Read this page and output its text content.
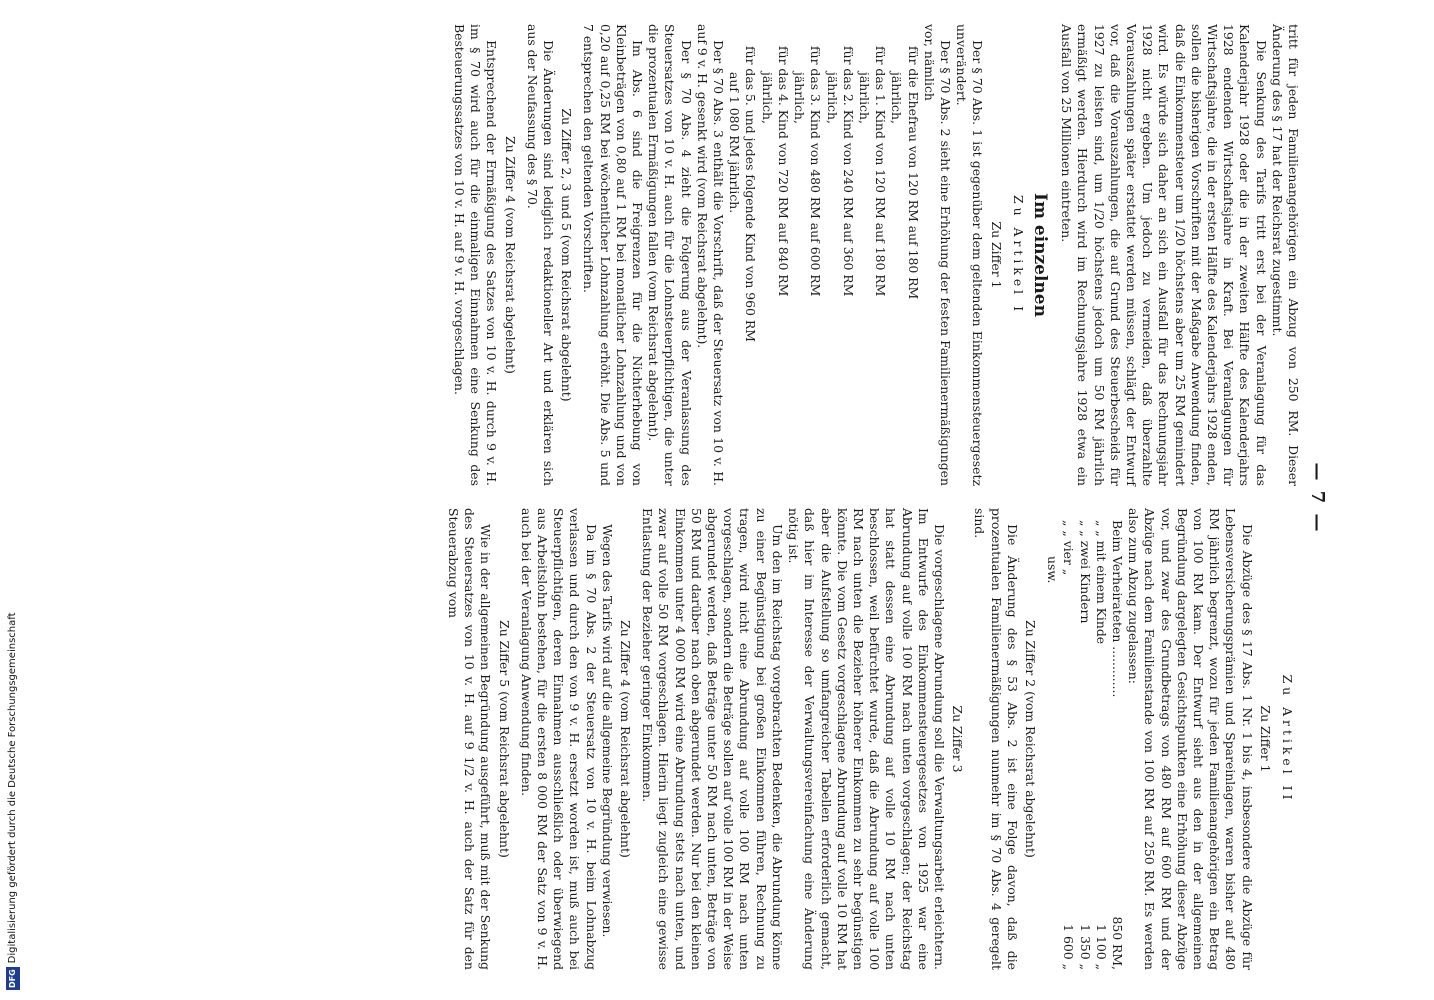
— 7 —

tritt für jeden Familienangehörigen ein Abzug von 250 RM. Dieser Änderung des § 17 hat der Reichsrat zugestimmt.

Die Senkung des Tarifs tritt erst bei der Veranlagung für das Kalenderjahr 1928 oder die in der zweiten Hälfte des Kalenderjahrs 1928 endenden Wirtschaftsjahre in Kraft. Bei Veranlagungen für Wirtschaftsjahre, die in der ersten Hälfte des Kalenderjahrs 1928 enden, sollen die bisherigen Vorschriften mit der Maßgabe Anwendung finden, daß die Einkommensteuer um 1/20 höchstens aber um 25 RM gemindert wird. Es würde sich daher an sich ein Ausfall für das Rechnungsjahr 1928 nicht ergeben. Um jedoch zu vermeiden, daß überzahlte Vorauszahlungen später erstattet werden müssen, schlägt der Entwurf vor, daß die Vorauszahlungen, die auf Grund des Steuerbescheids für 1927 zu leisten sind, um 1/20 höchstens jedoch um 50 RM jährlich ermäßigt werden. Hierdurch wird im Rechnungsjahre 1928 etwa ein Ausfall von 25 Millionen eintreten.

Im einzelnen
Zu Artikel I
Zu Ziffer 1

Der § 70 Abs. 1 ist gegenüber dem geltenden Einkommensteuergesetz unverändert.

Der § 70 Abs. 2 sieht eine Erhöhung der festen Familienermäßigungen vor, nämlich

für die Ehefrau von 120 RM auf 180 RM

jährlich,

für das 1. Kind von 120 RM auf 180 RM

jährlich,

für das 2. Kind von 240 RM auf 360 RM

jährlich,

für das 3. Kind von 480 RM auf 600 RM

jährlich,

für das 4. Kind von 720 RM auf 840 RM

jährlich,

für das 5. und jedes folgende Kind von 960 RM

auf 1 080 RM jährlich.

Der § 70 Abs. 3 enthält die Vorschrift, daß der Steuersatz von 10 v. H. auf 9 v. H. gesenkt wird (vom Reichsrat abgelehnt).

Der § 70 Abs. 4 zieht die Folgerung aus der Veranlassung des Steuersatzes von 10 v. H. auch für die Lohnsteuerpflichtigen, die unter die prozentualen Ermäßigungen fallen (vom Reichsrat abgelehnt).

Im Abs. 6 sind die Freigrenzen für die Nichterhebung von Kleinbeträgen von 0,80 auf 1 RM bei monatlicher Lohnzahlung und von 0,20 auf 0,25 RM bei wöchentlicher Lohnzahlung erhöht. Die Abs. 5 und 7 entsprechen den geltenden Vorschriften.

Zu Ziffer 2, 3 und 5 (vom Reichsrat abgelehnt)

Die Änderungen sind lediglich redaktioneller Art und erklären sich aus der Neufassung des § 70.

Zu Ziffer 4 (vom Reichsrat abgelehnt)

Entsprechend der Ermäßigung des Satzes von 10 v. H. durch 9 v. H. im § 70 wird auch für die einmaligen Einnahmen eine Senkung des Besteuerungssatzes von 10 v. H. auf 9 v. H. vorgeschlagen.

Zu Artikel II
Zu Ziffer 1

Die Abzüge des § 17 Abs. 1 Nr. 1 bis 4, insbesondere die Abzüge für Lebensversicherungsprämien und Spareinlagen, waren bisher auf 480 RM jährlich begrenzt, wozu für jeden Familienangehörigen ein Betrag von 100 RM kam. Der Entwurf sieht aus den in der allgemeinen Begründung dargelegten Gesichtspunkten eine Erhöhung dieser Abzüge vor, und zwar des Grundbetrags von 480 RM auf 600 RM und der Abzüge nach dem Familienstande von 100 RM auf 250 RM. Es werden also zum Abzug zugelassen:

Beim Verheirateten .............
850 RM,
„ „ mit einem Kinde
1 100 „
„ „ zwei Kindern
1 350 „
„ „ vier „
1 600 „

usw.

Zu Ziffer 2 (vom Reichsrat abgelehnt)

Die Änderung des § 53 Abs. 2 ist eine Folge davon, daß die prozentualen Familienermäßigungen nunmehr im § 70 Abs. 4 geregelt sind.

Zu Ziffer 3

Die vorgeschlagene Abrundung soll die Verwaltungsarbeit erleichtern. Im Entwurfe des Einkommensteuergesetzes von 1925 war eine Abrundung auf volle 100 RM nach unten vorgeschlagen; der Reichstag hat statt dessen eine Abrundung auf volle 10 RM nach unten beschlossen, weil befürchtet wurde, daß die Abrundung auf volle 100 RM nach unten die Bezieher höherer Einkommen zu sehr begünstigen könnte. Die vom Gesetz vorgeschlagene Abrundung auf volle 10 RM hat aber die Aufstellung so umfangreicher Tabellen erforderlich gemacht, daß hier im Interesse der Verwaltungsvereinfachung eine Änderung nötig ist.

Um den im Reichstag vorgebrachten Bedenken, die Abrundung könne zu einer Begünstigung bei großen Einkommen führen, Rechnung zu tragen, wird nicht eine Abrundung auf volle 100 RM nach unten vorgeschlagen, sondern die Beträge sollen auf volle 100 RM in der Weise abgerundet werden, daß Beträge unter 50 RM nach unten, Beträge von 50 RM und darüber nach oben abgerundet werden. Nur bei den kleinen Einkommen unter 4 000 RM wird eine Abrundung stets nach unten, und zwar auf volle 50 RM vorgeschlagen. Hierin liegt zugleich eine gewisse Entlastung der Bezieher geringer Einkommen.

Zu Ziffer 4 (vom Reichsrat abgelehnt)

Wegen des Tarifs wird auf die allgemeine Begründung verwiesen.

Da im § 70 Abs. 2 der Steuersatz von 10 v. H. beim Lohnabzug verlassen und durch den von 9 v. H. ersetzt worden ist, muß auch bei Steuerpflichtigen, deren Einnahmen ausschließlich oder überwiegend aus Arbeitslohn bestehen, für die ersten 8 000 RM der Satz von 9 v. H. auch bei der Veranlagung Anwendung finden.

Zu Ziffer 5 (vom Reichsrat abgelehnt)

Wie in der allgemeinen Begründung ausgeführt, muß mit der Senkung des Steuersatzes von 10 v. H. auf 9 1/2 v. H. auch der Satz für den Steuerabzug vom

DFGDigitalisierung gefördert durch die Deutsche Forschungsgemeinschaft
